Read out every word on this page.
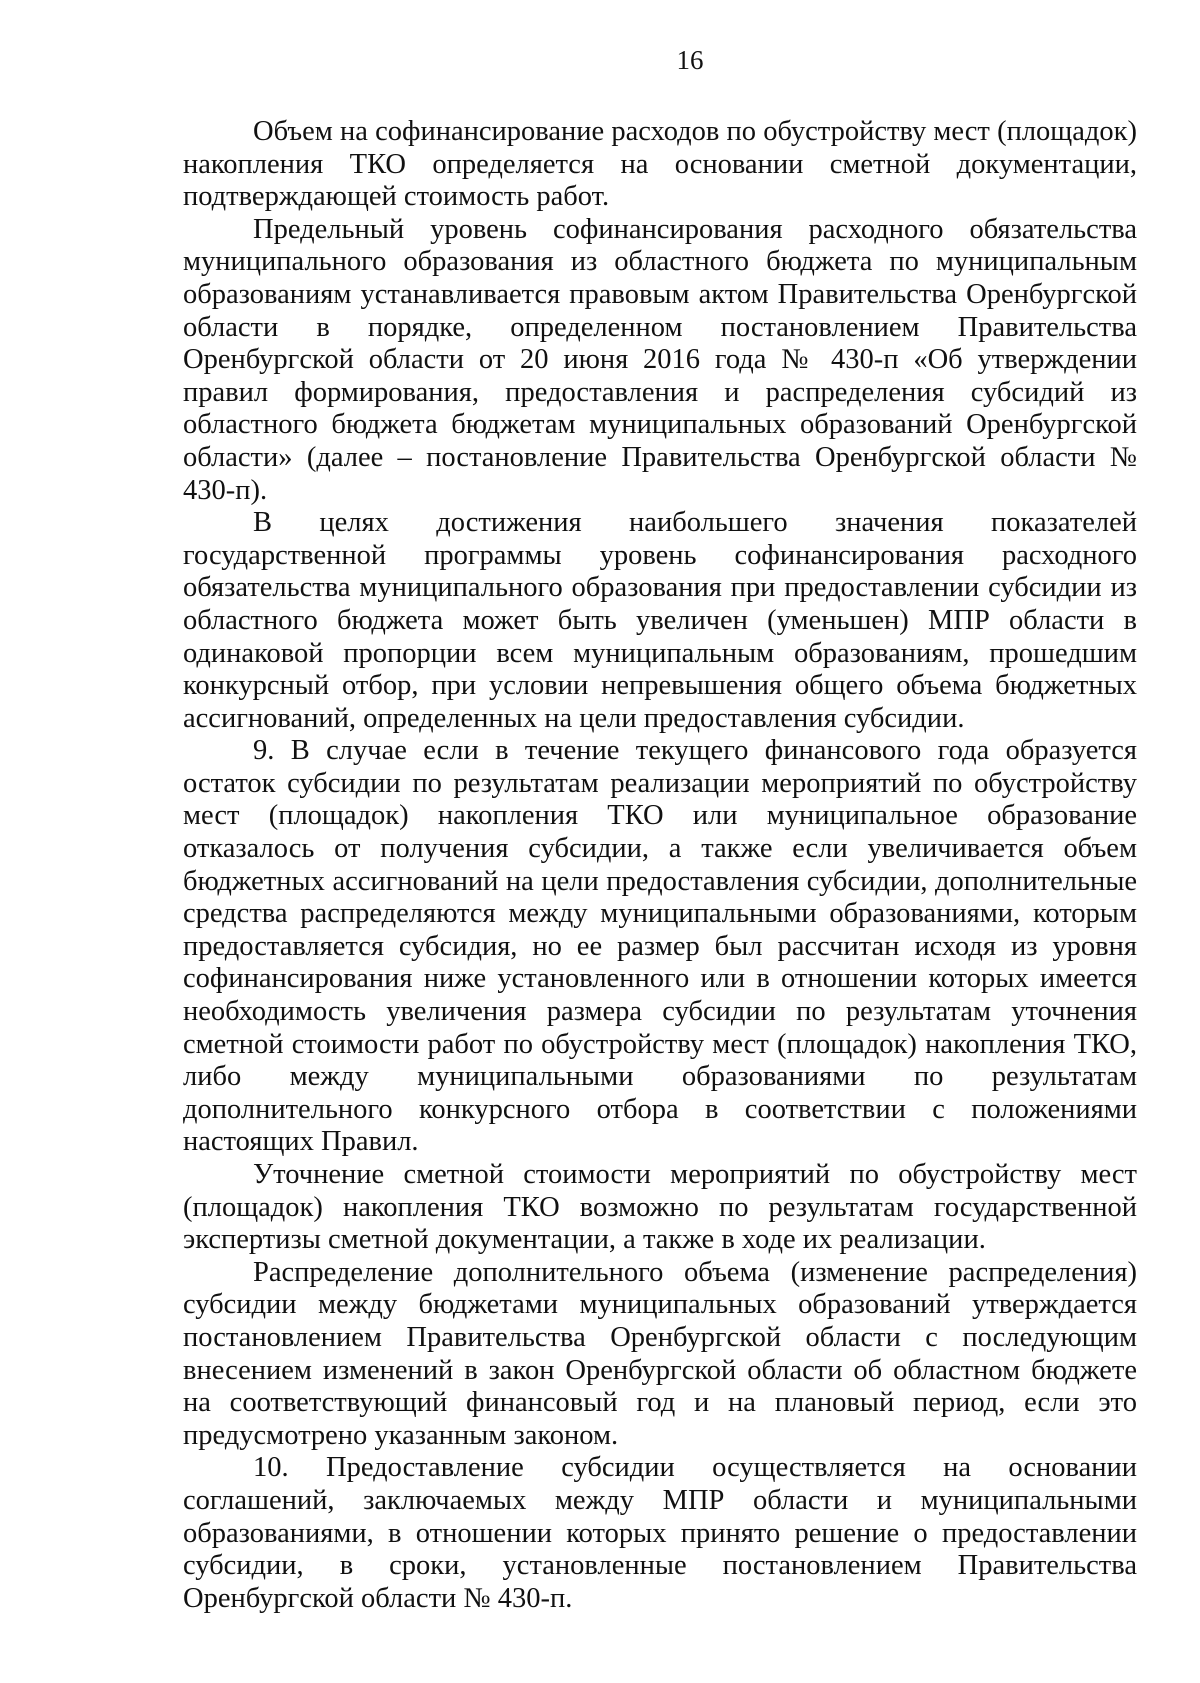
16

Объем на софинансирование расходов по обустройству мест (площадок) накопления ТКО определяется на основании сметной документации, подтверждающей стоимость работ.

Предельный уровень софинансирования расходного обязательства муниципального образования из областного бюджета по муниципальным образованиям устанавливается правовым актом Правительства Оренбургской области в порядке, определенном постановлением Правительства Оренбургской области от 20 июня 2016 года № 430-п «Об утверждении правил формирования, предоставления и распределения субсидий из областного бюджета бюджетам муниципальных образований Оренбургской области» (далее – постановление Правительства Оренбургской области № 430-п).

В целях достижения наибольшего значения показателей государственной программы уровень софинансирования расходного обязательства муниципального образования при предоставлении субсидии из областного бюджета может быть увеличен (уменьшен) МПР области в одинаковой пропорции всем муниципальным образованиям, прошедшим конкурсный отбор, при условии непревышения общего объема бюджетных ассигнований, определенных на цели предоставления субсидии.

9. В случае если в течение текущего финансового года образуется остаток субсидии по результатам реализации мероприятий по обустройству мест (площадок) накопления ТКО или муниципальное образование отказалось от получения субсидии, а также если увеличивается объем бюджетных ассигнований на цели предоставления субсидии, дополнительные средства распределяются между муниципальными образованиями, которым предоставляется субсидия, но ее размер был рассчитан исходя из уровня софинансирования ниже установленного или в отношении которых имеется необходимость увеличения размера субсидии по результатам уточнения сметной стоимости работ по обустройству мест (площадок) накопления ТКО, либо между муниципальными образованиями по результатам дополнительного конкурсного отбора в соответствии с положениями настоящих Правил.

Уточнение сметной стоимости мероприятий по обустройству мест (площадок) накопления ТКО возможно по результатам государственной экспертизы сметной документации, а также в ходе их реализации.

Распределение дополнительного объема (изменение распределения) субсидии между бюджетами муниципальных образований утверждается постановлением Правительства Оренбургской области с последующим внесением изменений в закон Оренбургской области об областном бюджете на соответствующий финансовый год и на плановый период, если это предусмотрено указанным законом.

10. Предоставление субсидии осуществляется на основании соглашений, заключаемых между МПР области и муниципальными образованиями, в отношении которых принято решение о предоставлении субсидии, в сроки, установленные постановлением Правительства Оренбургской области № 430-п.
